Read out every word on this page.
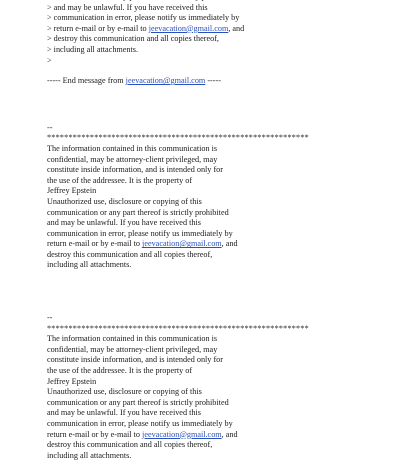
> and may be unlawful. If you have received this
> communication in error, please notify us immediately by
> return e-mail or by e-mail to jeevacation@gmail.com, and
> destroy this communication and all copies thereof,
> including all attachments.
>
----- End message from jeevacation@gmail.com -----
--
*************************************************************
The information contained in this communication is
confidential, may be attorney-client privileged, may
constitute inside information, and is intended only for
the use of the addressee. It is the property of
Jeffrey Epstein
Unauthorized use, disclosure or copying of this
communication or any part thereof is strictly prohibited
and may be unlawful. If you have received this
communication in error, please notify us immediately by
return e-mail or by e-mail to jeevacation@gmail.com, and
destroy this communication and all copies thereof,
including all attachments.
--
*************************************************************
The information contained in this communication is
confidential, may be attorney-client privileged, may
constitute inside information, and is intended only for
the use of the addressee. It is the property of
Jeffrey Epstein
Unauthorized use, disclosure or copying of this
communication or any part thereof is strictly prohibited
and may be unlawful. If you have received this
communication in error, please notify us immediately by
return e-mail or by e-mail to jeevacation@gmail.com, and
destroy this communication and all copies thereof,
including all attachments.
